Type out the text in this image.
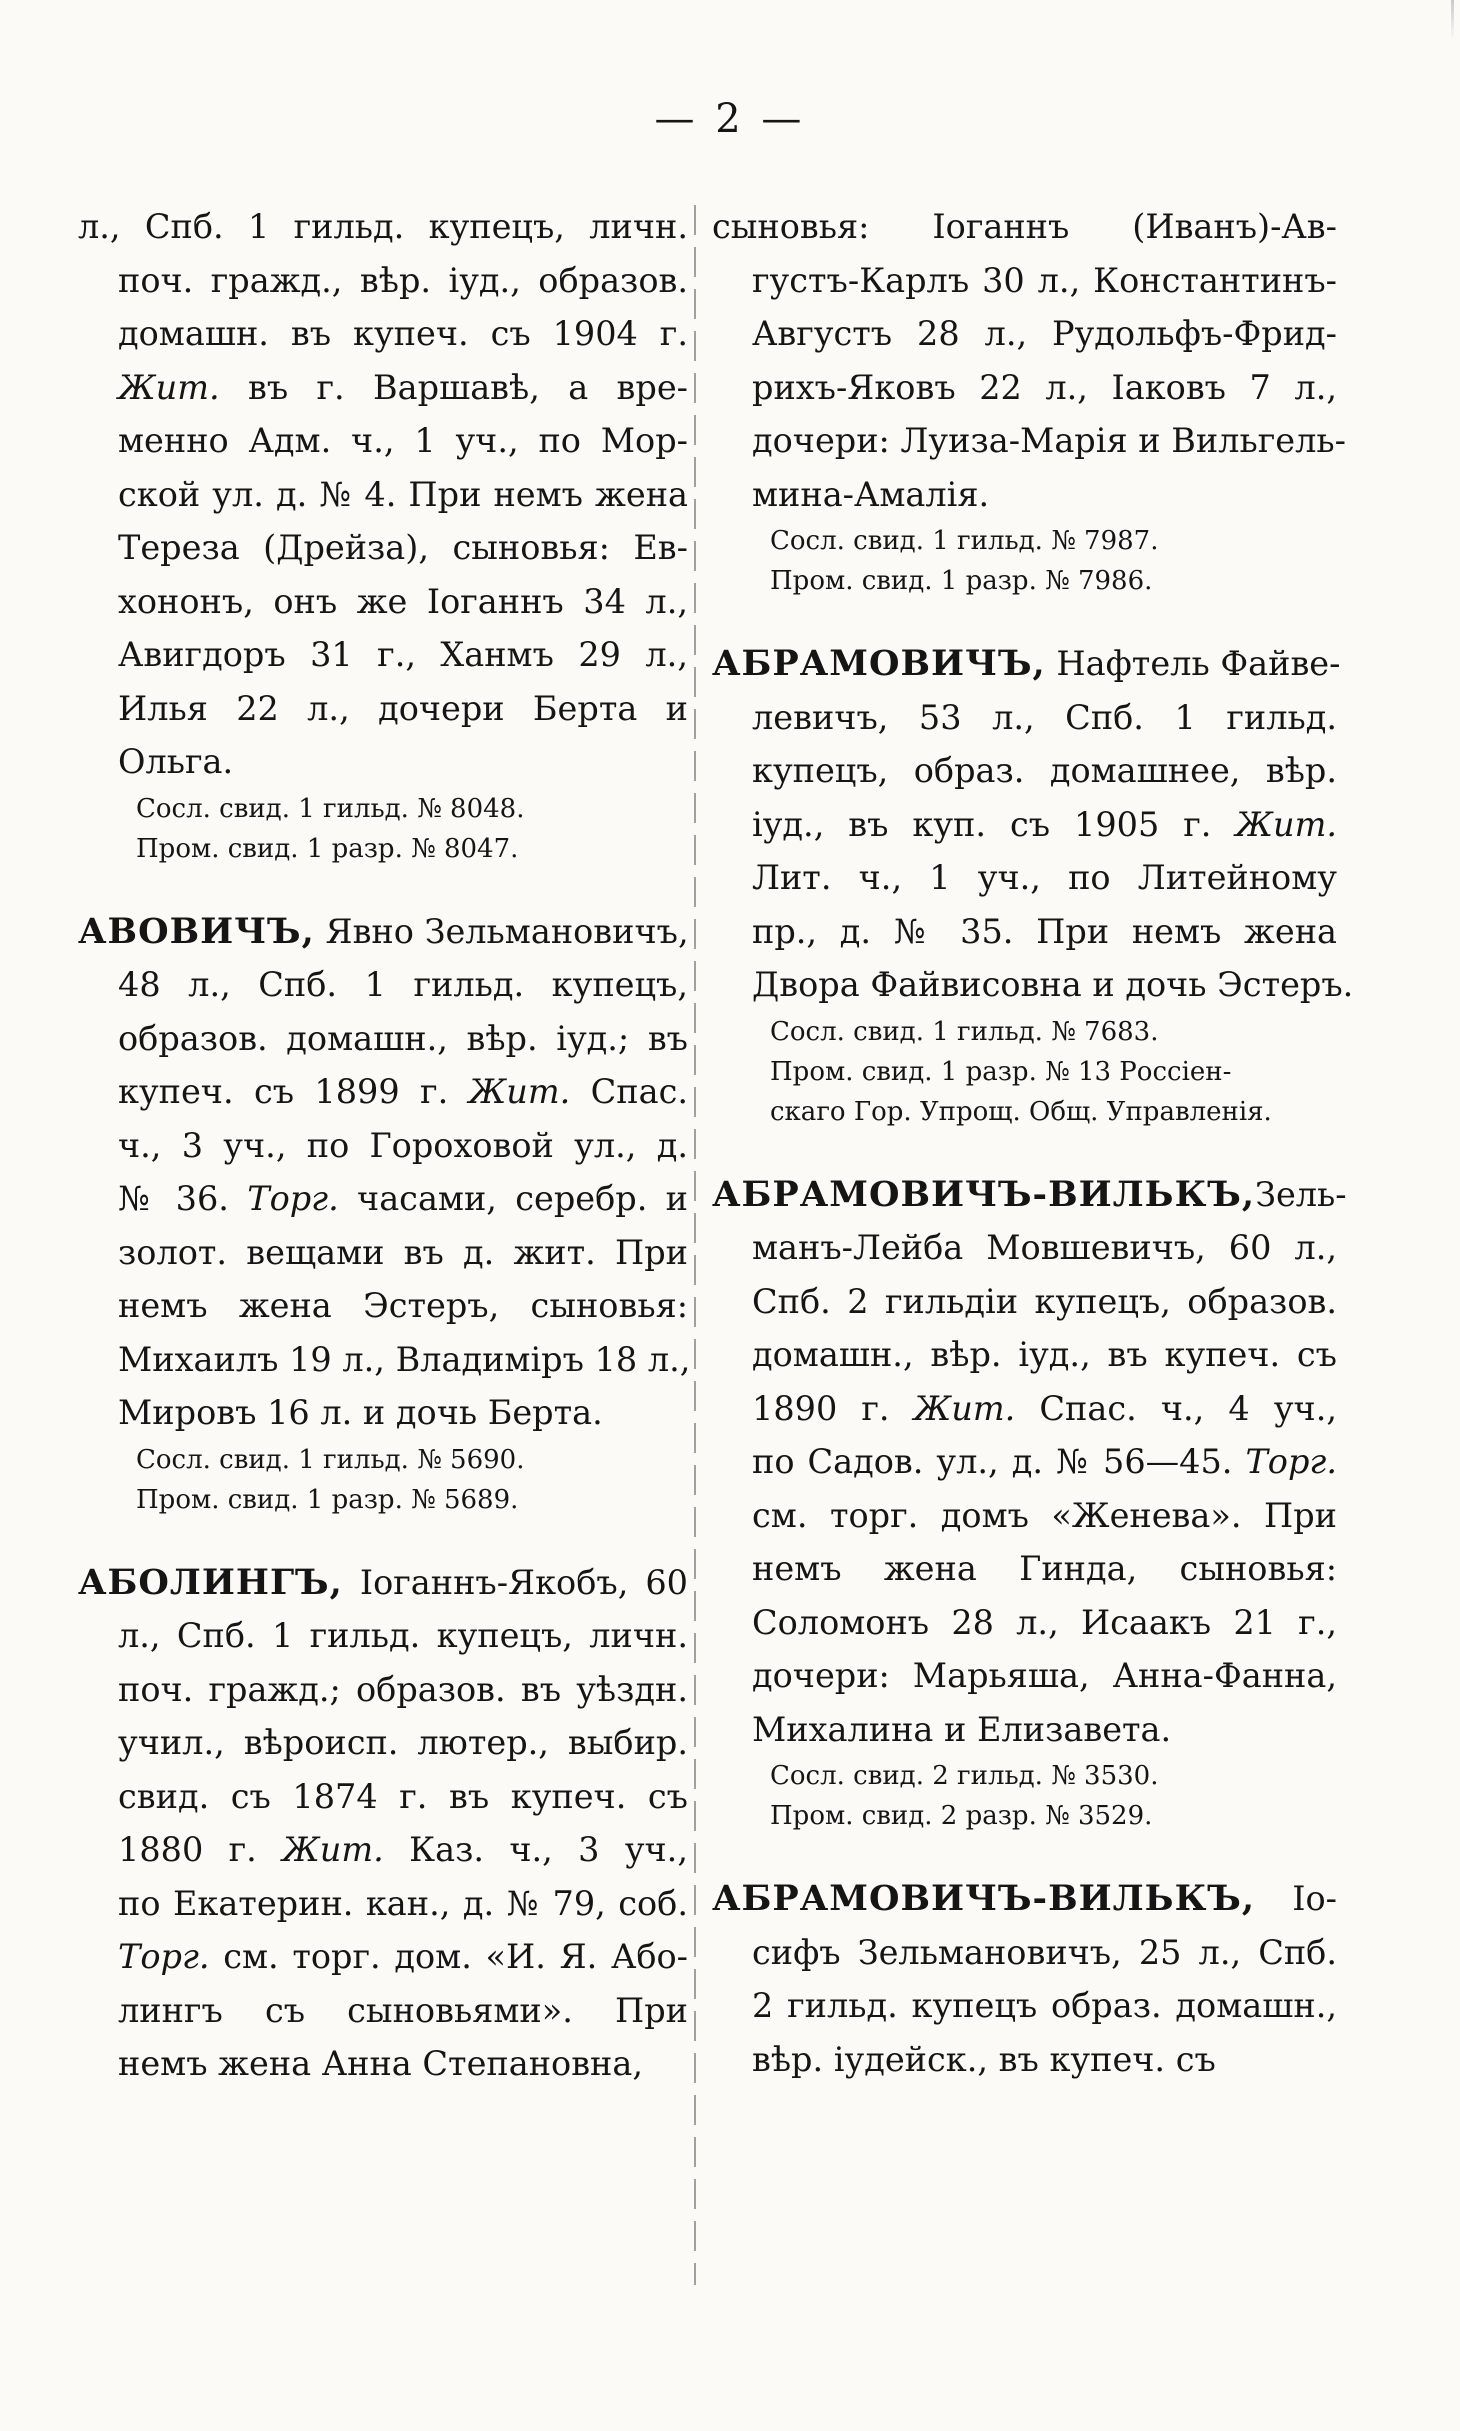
— 2 —
л., Спб. 1 гильд. купецъ, личн.
поч. гражд., вѣр. іуд., образов.
домашн. въ купеч. съ 1904 г.
Жит. въ г. Варшавѣ, а вре-
менно Адм. ч., 1 уч., по Мор-
ской ул. д. № 4. При немъ жена
Тереза (Дрейза), сыновья: Ев-
хононъ, онъ же Іоганнъ 34 л.,
Авигдоръ 31 г., Ханмъ 29 л.,
Илья 22 л., дочери Берта и
Ольга.
Сосл. свид. 1 гильд. № 8048.
Пром. свид. 1 разр. № 8047.
АВОВИЧЪ, Явно Зельмановичъ,
48 л., Спб. 1 гильд. купецъ,
образов. домашн., вѣр. іуд.; въ
купеч. съ 1899 г. Жит. Спас.
ч., 3 уч., по Гороховой ул., д.
№ 36. Торг. часами, серебр. и
золот. вещами въ д. жит. При
немъ жена Эстеръ, сыновья:
Михаилъ 19 л., Владиміръ 18 л.,
Мировъ 16 л. и дочь Берта.
Сосл. свид. 1 гильд. № 5690.
Пром. свид. 1 разр. № 5689.
АБОЛИНГЪ, Іоганнъ-Якобъ, 60
л., Спб. 1 гильд. купецъ, личн.
поч. гражд.; образов. въ уѣздн.
учил., вѣроисп. лютер., выбир.
свид. съ 1874 г. въ купеч. съ
1880 г. Жит. Каз. ч., 3 уч.,
по Екатерин. кан., д. № 79, соб.
Торг. см. торг. дом. «И. Я. Або-
лингъ съ сыновьями». При
немъ жена Анна Степановна,
сыновья: Іоганнъ (Иванъ)-Ав-
густъ-Карлъ 30 л., Константинъ-
Августъ 28 л., Рудольфъ-Фрид-
рихъ-Яковъ 22 л., Іаковъ 7 л.,
дочери: Луиза-Марія и Вильгель-
мина-Амалія.
Сосл. свид. 1 гильд. № 7987.
Пром. свид. 1 разр. № 7986.
АБРАМОВИЧЪ, Нафтель Файве-
левичъ, 53 л., Спб. 1 гильд.
купецъ, образ. домашнее, вѣр.
іуд., въ куп. съ 1905 г. Жит.
Лит. ч., 1 уч., по Литейному
пр., д. № 35. При немъ жена
Двора Файвисовна и дочь Эстеръ.
Сосл. свид. 1 гильд. № 7683.
Пром. свид. 1 разр. № 13 Россіен-
скаго Гор. Упрощ. Общ. Управленія.
АБРАМОВИЧЪ-ВИЛЬКЪ,Зель-
манъ-Лейба Мовшевичъ, 60 л.,
Спб. 2 гильдіи купецъ, образов.
домашн., вѣр. іуд., въ купеч. съ
1890 г. Жит. Спас. ч., 4 уч.,
по Садов. ул., д. № 56—45. Торг.
см. торг. домъ «Женева». При
немъ жена Гинда, сыновья:
Соломонъ 28 л., Исаакъ 21 г.,
дочери: Марьяша, Анна-Фанна,
Михалина и Елизавета.
Сосл. свид. 2 гильд. № 3530.
Пром. свид. 2 разр. № 3529.
АБРАМОВИЧЪ-ВИЛЬКЪ, Іо-
сифъ Зельмановичъ, 25 л., Спб.
2 гильд. купецъ образ. домашн.,
вѣр. іудейск., въ купеч. съ
